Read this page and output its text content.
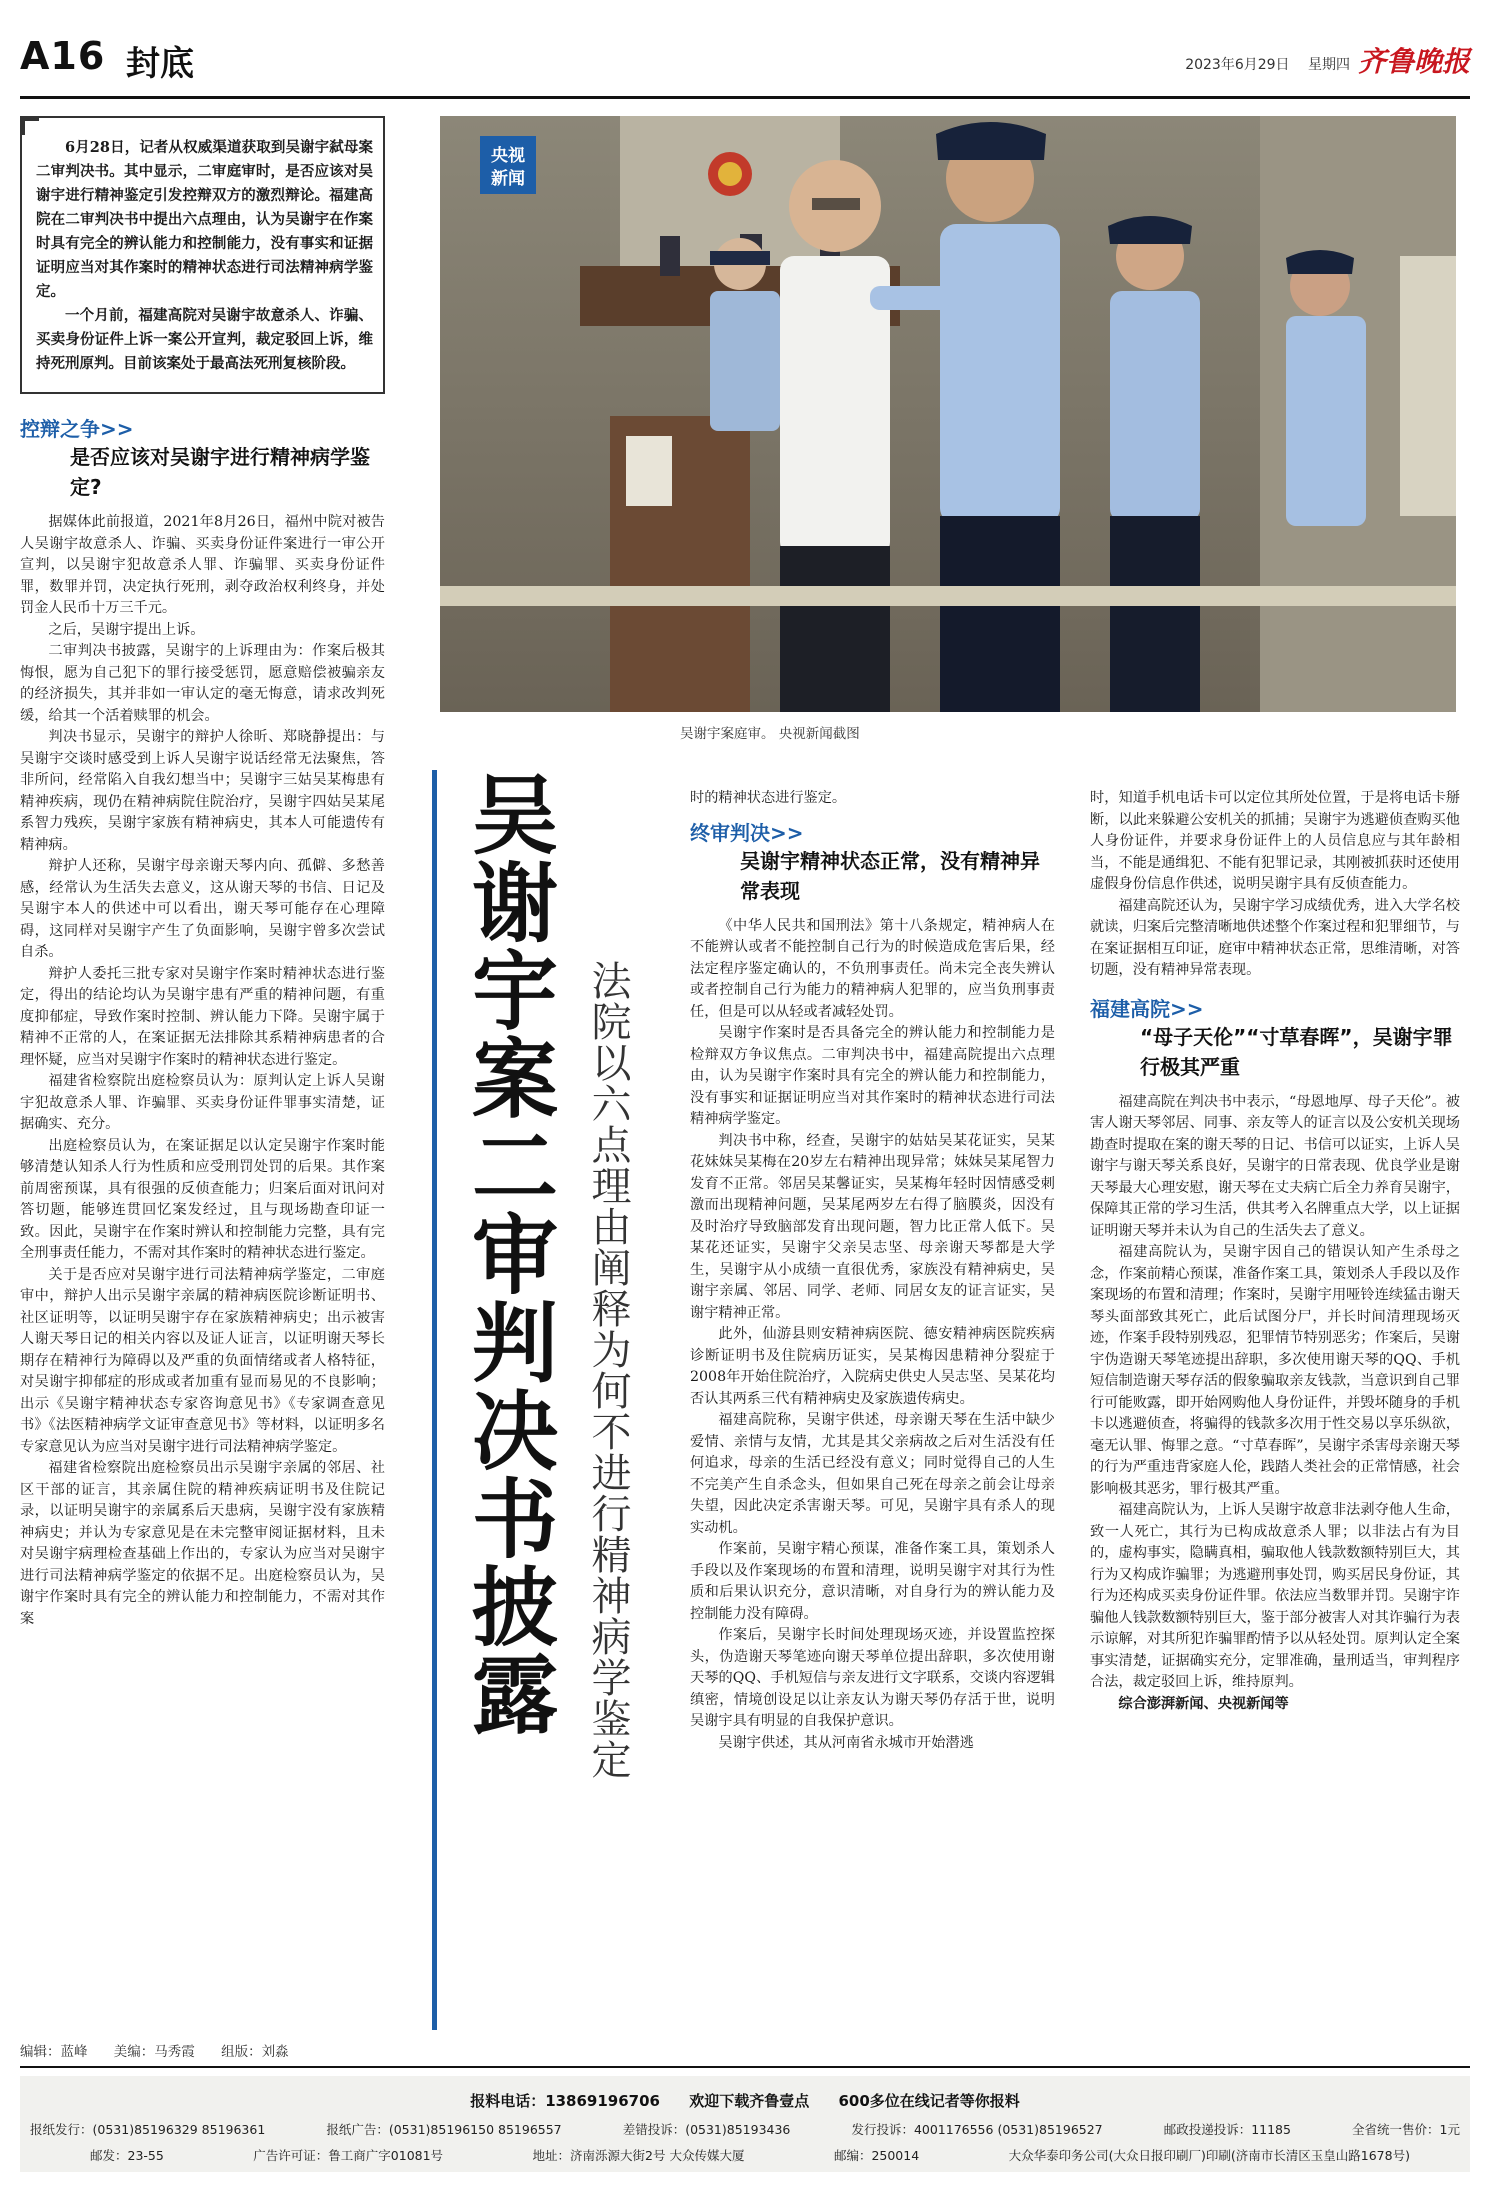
A16 封底	2023年6月29日 星期四 齐鲁晚报

6月28日，记者从权威渠道获取到吴谢宇弑母案二审判决书。其中显示，二审庭审时，是否应该对吴谢宇进行精神鉴定引发控辩双方的激烈辩论。福建高院在二审判决书中提出六点理由，认为吴谢宇在作案时具有完全的辨认能力和控制能力，没有事实和证据证明应当对其作案时的精神状态进行司法精神病学鉴定。

一个月前，福建高院对吴谢宇故意杀人、诈骗、买卖身份证件上诉一案公开宣判，裁定驳回上诉，维持死刑原判。目前该案处于最高法死刑复核阶段。

控辩之争>>
是否应该对吴谢宇进行精神病学鉴定?

据媒体此前报道，2021年8月26日，福州中院对被告人吴谢宇故意杀人、诈骗、买卖身份证件案进行一审公开宣判，以吴谢宇犯故意杀人罪、诈骗罪、买卖身份证件罪，数罪并罚，决定执行死刑，剥夺政治权利终身，并处罚金人民币十万三千元。

之后，吴谢宇提出上诉。

二审判决书披露，吴谢宇的上诉理由为：作案后极其悔恨，愿为自己犯下的罪行接受惩罚，愿意赔偿被骗亲友的经济损失，其并非如一审认定的毫无悔意，请求改判死缓，给其一个活着赎罪的机会。

判决书显示，吴谢宇的辩护人徐昕、郑晓静提出：与吴谢宇交谈时感受到上诉人吴谢宇说话经常无法聚焦，答非所问，经常陷入自我幻想当中；吴谢宇三姑吴某梅患有精神疾病，现仍在精神病院住院治疗，吴谢宇四姑吴某尾系智力残疾，吴谢宇家族有精神病史，其本人可能遗传有精神病。

辩护人还称，吴谢宇母亲谢天琴内向、孤僻、多愁善感，经常认为生活失去意义，这从谢天琴的书信、日记及吴谢宇本人的供述中可以看出，谢天琴可能存在心理障碍，这同样对吴谢宇产生了负面影响，吴谢宇曾多次尝试自杀。

辩护人委托三批专家对吴谢宇作案时精神状态进行鉴定，得出的结论均认为吴谢宇患有严重的精神问题，有重度抑郁症，导致作案时控制、辨认能力下降。吴谢宇属于精神不正常的人，在案证据无法排除其系精神病患者的合理怀疑，应当对吴谢宇作案时的精神状态进行鉴定。

福建省检察院出庭检察员认为：原判认定上诉人吴谢宇犯故意杀人罪、诈骗罪、买卖身份证件罪事实清楚，证据确实、充分。

出庭检察员认为，在案证据足以认定吴谢宇作案时能够清楚认知杀人行为性质和应受刑罚处罚的后果。其作案前周密预谋，具有很强的反侦查能力；归案后面对讯问对答切题，能够连贯回忆案发经过，且与现场勘查印证一致。因此，吴谢宇在作案时辨认和控制能力完整，具有完全刑事责任能力，不需对其作案时的精神状态进行鉴定。

关于是否应对吴谢宇进行司法精神病学鉴定，二审庭审中，辩护人出示吴谢宇亲属的精神病医院诊断证明书、社区证明等，以证明吴谢宇存在家族精神病史；出示被害人谢天琴日记的相关内容以及证人证言，以证明谢天琴长期存在精神行为障碍以及严重的负面情绪或者人格特征，对吴谢宇抑郁症的形成或者加重有显而易见的不良影响；出示《吴谢宇精神状态专家咨询意见书》《专家调查意见书》《法医精神病学文证审查意见书》等材料，以证明多名专家意见认为应当对吴谢宇进行司法精神病学鉴定。

福建省检察院出庭检察员出示吴谢宇亲属的邻居、社区干部的证言，其亲属住院的精神疾病证明书及住院记录，以证明吴谢宇的亲属系后天患病，吴谢宇没有家族精神病史；并认为专家意见是在未完整审阅证据材料，且未对吴谢宇病理检查基础上作出的，专家认为应当对吴谢宇进行司法精神病学鉴定的依据不足。出庭检察员认为，吴谢宇作案时具有完全的辨认能力和控制能力，不需对其作案

央视
新闻
吴谢宇案庭审。 央视新闻截图
吴谢宇案二审判决书披露 法院以六点理由阐释为何不进行精神病学鉴定

时的精神状态进行鉴定。

终审判决>>
吴谢宇精神状态正常，没有精神异常表现

《中华人民共和国刑法》第十八条规定，精神病人在不能辨认或者不能控制自己行为的时候造成危害后果，经法定程序鉴定确认的，不负刑事责任。尚未完全丧失辨认或者控制自己行为能力的精神病人犯罪的，应当负刑事责任，但是可以从轻或者减轻处罚。

吴谢宇作案时是否具备完全的辨认能力和控制能力是检辩双方争议焦点。二审判决书中，福建高院提出六点理由，认为吴谢宇作案时具有完全的辨认能力和控制能力，没有事实和证据证明应当对其作案时的精神状态进行司法精神病学鉴定。

判决书中称，经查，吴谢宇的姑姑吴某花证实，吴某花妹妹吴某梅在20岁左右精神出现异常；妹妹吴某尾智力发育不正常。邻居吴某馨证实，吴某梅年轻时因情感受刺激而出现精神问题，吴某尾两岁左右得了脑膜炎，因没有及时治疗导致脑部发育出现问题，智力比正常人低下。吴某花还证实，吴谢宇父亲吴志坚、母亲谢天琴都是大学生，吴谢宇从小成绩一直很优秀，家族没有精神病史，吴谢宇亲属、邻居、同学、老师、同居女友的证言证实，吴谢宇精神正常。

此外，仙游县则安精神病医院、德安精神病医院疾病诊断证明书及住院病历证实，吴某梅因患精神分裂症于2008年开始住院治疗，入院病史供史人吴志坚、吴某花均否认其两系三代有精神病史及家族遗传病史。

福建高院称，吴谢宇供述，母亲谢天琴在生活中缺少爱情、亲情与友情，尤其是其父亲病故之后对生活没有任何追求，母亲的生活已经没有意义；同时觉得自己的人生不完美产生自杀念头，但如果自己死在母亲之前会让母亲失望，因此决定杀害谢天琴。可见，吴谢宇具有杀人的现实动机。

作案前，吴谢宇精心预谋，准备作案工具，策划杀人手段以及作案现场的布置和清理，说明吴谢宇对其行为性质和后果认识充分，意识清晰，对自身行为的辨认能力及控制能力没有障碍。

作案后，吴谢宇长时间处理现场灭迹，并设置监控探头，伪造谢天琴笔迹向谢天琴单位提出辞职，多次使用谢天琴的QQ、手机短信与亲友进行文字联系，交谈内容逻辑缜密，情境创设足以让亲友认为谢天琴仍存活于世，说明吴谢宇具有明显的自我保护意识。

吴谢宇供述，其从河南省永城市开始潜逃

时，知道手机电话卡可以定位其所处位置，于是将电话卡掰断，以此来躲避公安机关的抓捕；吴谢宇为逃避侦查购买他人身份证件，并要求身份证件上的人员信息应与其年龄相当，不能是通缉犯、不能有犯罪记录，其刚被抓获时还使用虚假身份信息作供述，说明吴谢宇具有反侦查能力。

福建高院还认为，吴谢宇学习成绩优秀，进入大学名校就读，归案后完整清晰地供述整个作案过程和犯罪细节，与在案证据相互印证，庭审中精神状态正常，思维清晰，对答切题，没有精神异常表现。

福建高院>>
“母子天伦”“寸草春晖”，吴谢宇罪行极其严重

福建高院在判决书中表示，“母恩地厚、母子天伦”。被害人谢天琴邻居、同事、亲友等人的证言以及公安机关现场勘查时提取在案的谢天琴的日记、书信可以证实，上诉人吴谢宇与谢天琴关系良好，吴谢宇的日常表现、优良学业是谢天琴最大心理安慰，谢天琴在丈夫病亡后全力养育吴谢宇，保障其正常的学习生活，供其考入名牌重点大学，以上证据证明谢天琴并未认为自己的生活失去了意义。

福建高院认为，吴谢宇因自己的错误认知产生杀母之念，作案前精心预谋，准备作案工具，策划杀人手段以及作案现场的布置和清理；作案时，吴谢宇用哑铃连续猛击谢天琴头面部致其死亡，此后试图分尸，并长时间清理现场灭迹，作案手段特别残忍，犯罪情节特别恶劣；作案后，吴谢宇伪造谢天琴笔迹提出辞职，多次使用谢天琴的QQ、手机短信制造谢天琴存活的假象骗取亲友钱款，当意识到自己罪行可能败露，即开始网购他人身份证件，并毁坏随身的手机卡以逃避侦查，将骗得的钱款多次用于性交易以享乐纵欲，毫无认罪、悔罪之意。“寸草春晖”，吴谢宇杀害母亲谢天琴的行为严重违背家庭人伦，践踏人类社会的正常情感，社会影响极其恶劣，罪行极其严重。

福建高院认为，上诉人吴谢宇故意非法剥夺他人生命，致一人死亡，其行为已构成故意杀人罪；以非法占有为目的，虚构事实，隐瞒真相，骗取他人钱款数额特别巨大，其行为又构成诈骗罪；为逃避刑事处罚，购买居民身份证，其行为还构成买卖身份证件罪。依法应当数罪并罚。吴谢宇诈骗他人钱款数额特别巨大，鉴于部分被害人对其诈骗行为表示谅解，对其所犯诈骗罪酌情予以从轻处罚。原判认定全案事实清楚，证据确实充分，定罪准确，量刑适当，审判程序合法，裁定驳回上诉，维持原判。

综合澎湃新闻、央视新闻等

编辑：蓝峰 美编：马秀霞 组版：刘淼
报料电话：13869196706 欢迎下载齐鲁壹点 600多位在线记者等你报料
报纸发行：(0531)85196329 85196361	报纸广告：(0531)85196150 85196557	差错投诉：(0531)85193436	发行投诉：4001176556 (0531)85196527	邮政投递投诉：11185	全省统一售价：1元
邮发：23-55	广告许可证：鲁工商广字01081号	地址：济南泺源大街2号 大众传媒大厦	邮编：250014	大众华泰印务公司(大众日报印刷厂)印刷(济南市长清区玉皇山路1678号)
